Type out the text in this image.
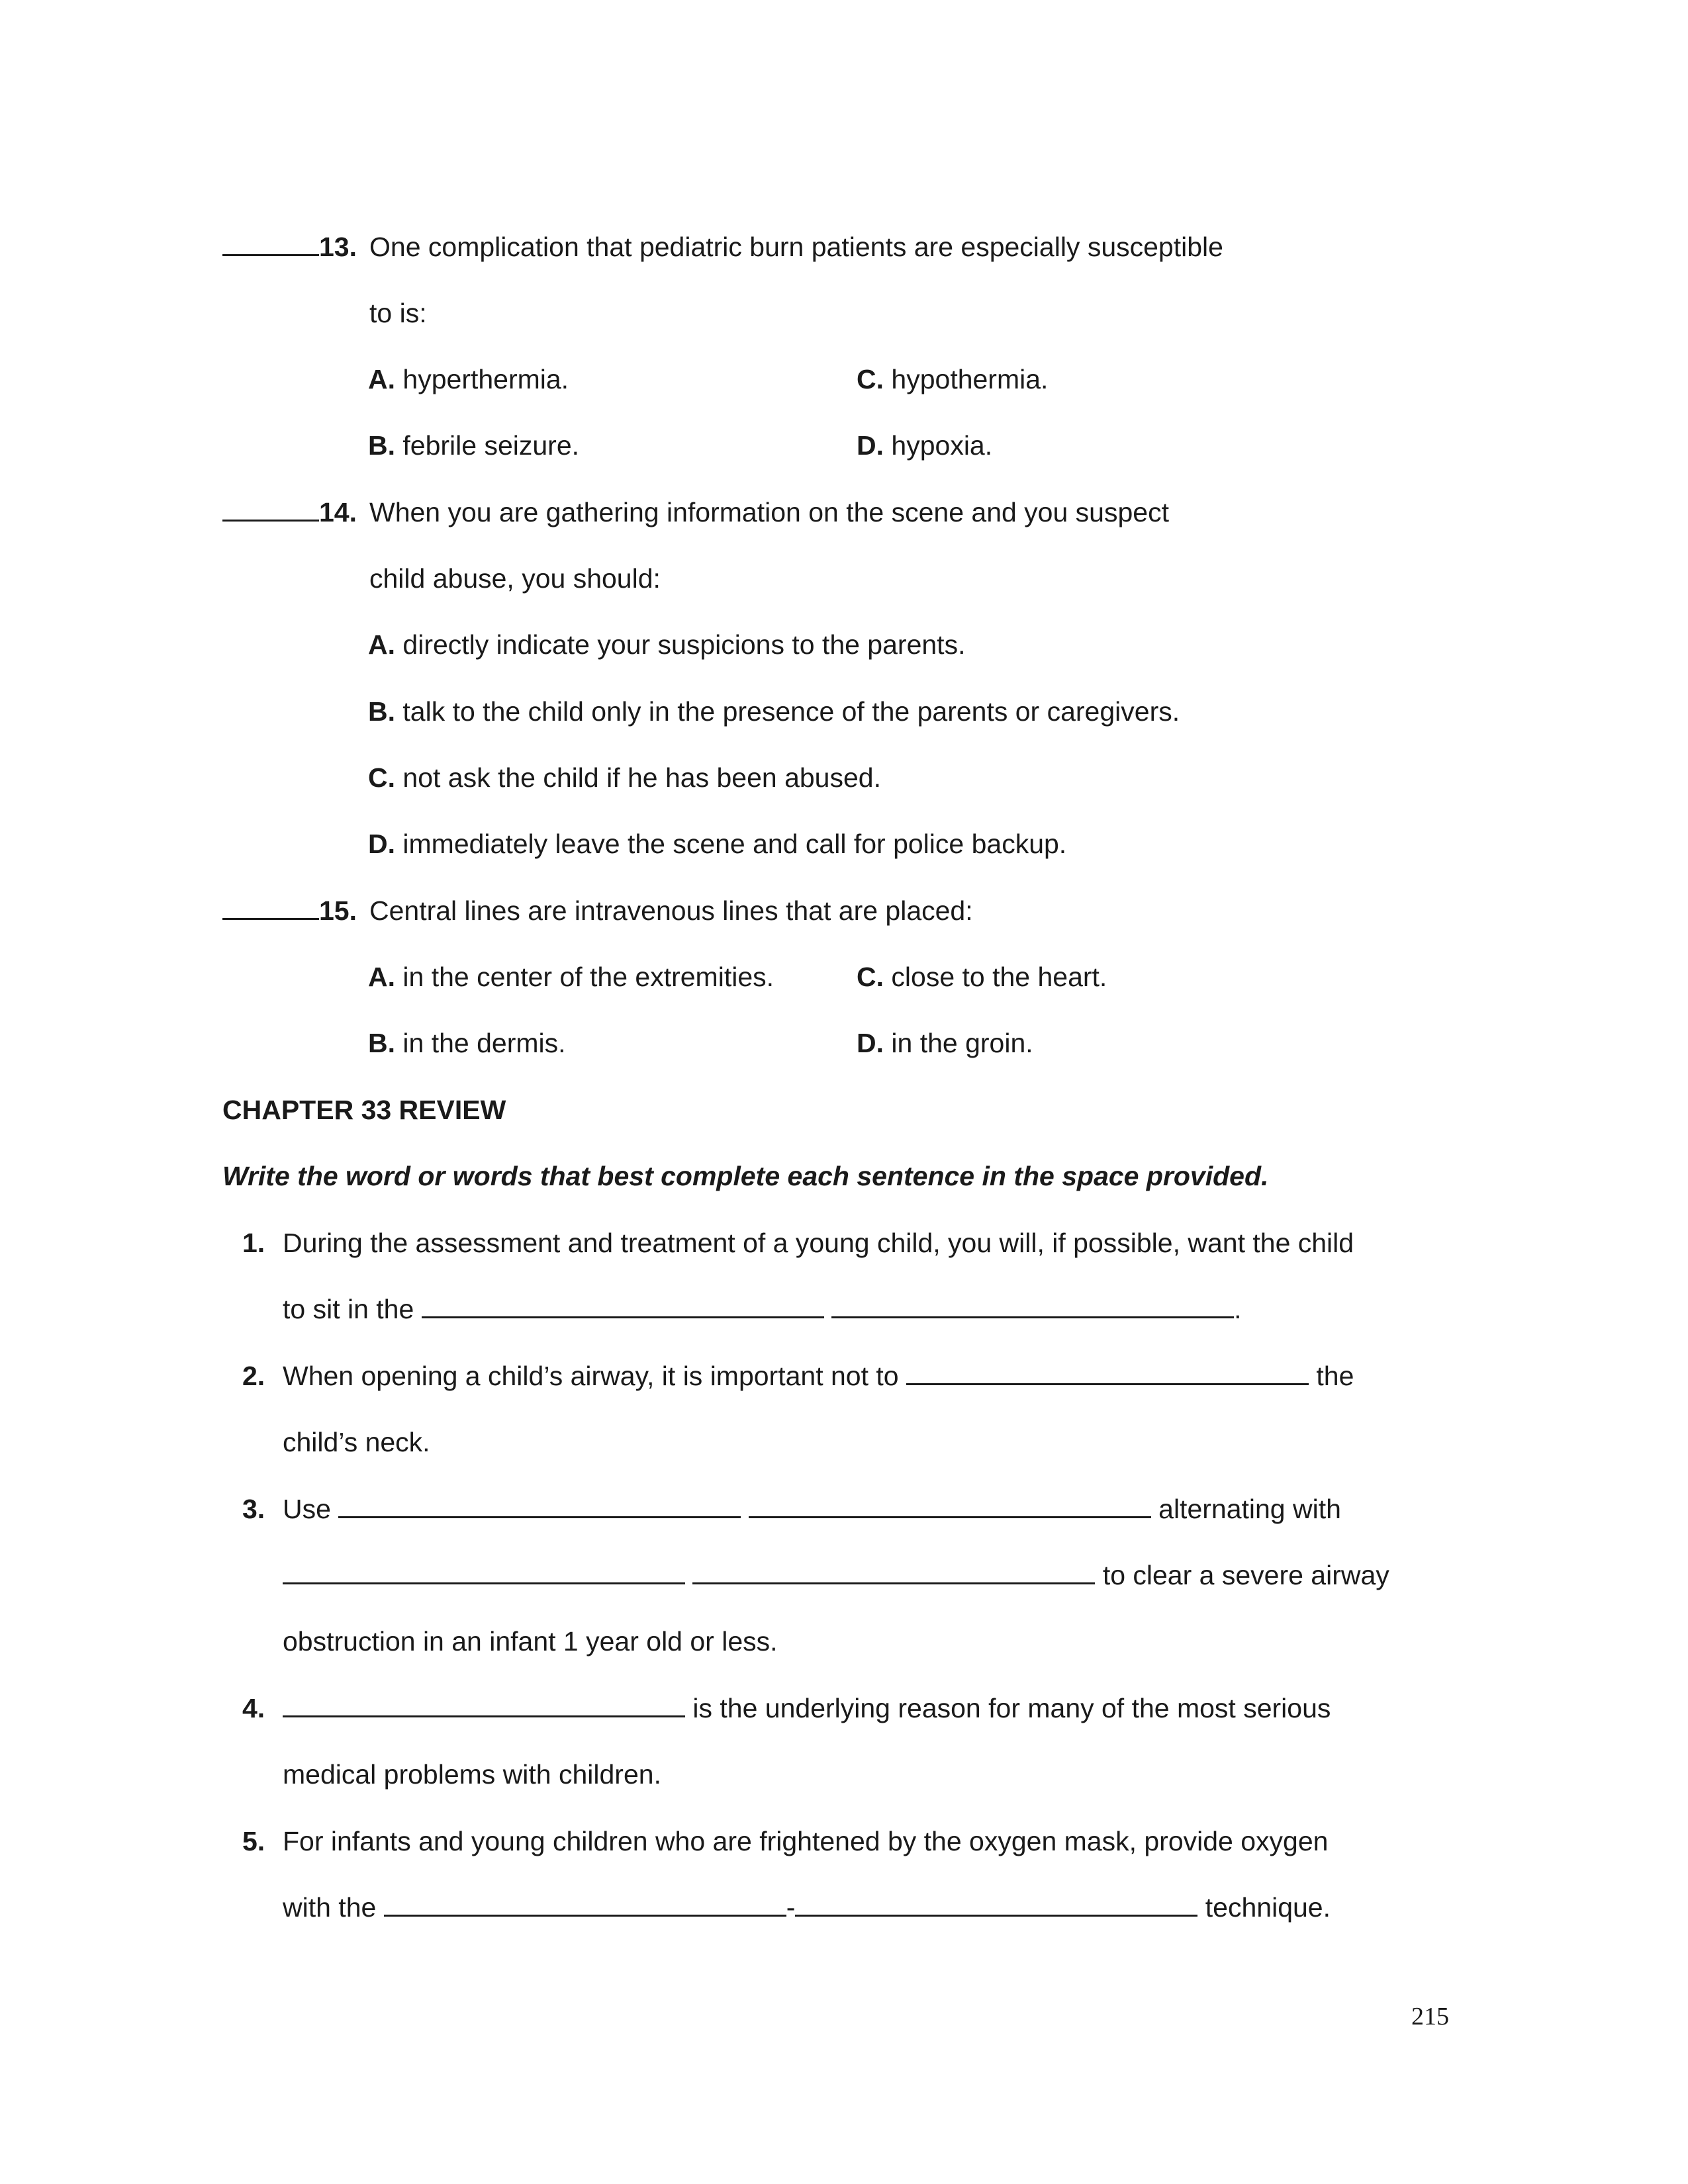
13. One complication that pediatric burn patients are especially susceptible
to is:
A. hyperthermia.	C. hypothermia.
B. febrile seizure.	D. hypoxia.
14. When you are gathering information on the scene and you suspect
child abuse, you should:
A. directly indicate your suspicions to the parents.
B. talk to the child only in the presence of the parents or caregivers.
C. not ask the child if he has been abused.
D. immediately leave the scene and call for police backup.
15. Central lines are intravenous lines that are placed:
A. in the center of the extremities.	C. close to the heart.
B. in the dermis.	D. in the groin.
CHAPTER 33 REVIEW
Write the word or words that best complete each sentence in the space provided.
1. During the assessment and treatment of a young child, you will, if possible, want the child
to sit in the	.
2. When opening a child’s airway, it is important not to	the
child’s neck.
3. Use	alternating with
to clear a severe airway
obstruction in an infant 1 year old or less.
4.	is the underlying reason for many of the most serious
medical problems with children.
5. For infants and young children who are frightened by the oxygen mask, provide oxygen
with the	-	technique.
215
